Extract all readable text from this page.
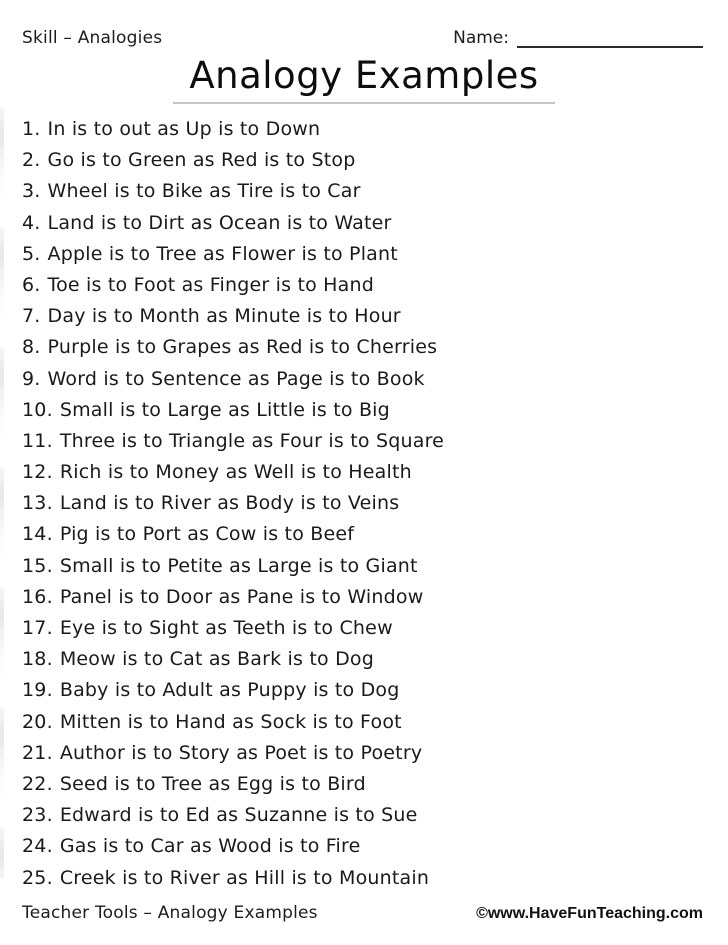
Skill – Analogies	Name:
Analogy Examples
1. In is to out as Up is to Down
2. Go is to Green as Red is to Stop
3. Wheel is to Bike as Tire is to Car
4. Land is to Dirt as Ocean is to Water
5. Apple is to Tree as Flower is to Plant
6. Toe is to Foot as Finger is to Hand
7. Day is to Month as Minute is to Hour
8. Purple is to Grapes as Red is to Cherries
9. Word is to Sentence as Page is to Book
10. Small is to Large as Little is to Big
11. Three is to Triangle as Four is to Square
12. Rich is to Money as Well is to Health
13. Land is to River as Body is to Veins
14. Pig is to Port as Cow is to Beef
15. Small is to Petite as Large is to Giant
16. Panel is to Door as Pane is to Window
17. Eye is to Sight as Teeth is to Chew
18. Meow is to Cat as Bark is to Dog
19. Baby is to Adult as Puppy is to Dog
20. Mitten is to Hand as Sock is to Foot
21. Author is to Story as Poet is to Poetry
22. Seed is to Tree as Egg is to Bird
23. Edward is to Ed as Suzanne is to Sue
24. Gas is to Car as Wood is to Fire
25. Creek is to River as Hill is to Mountain
Teacher Tools – Analogy Examples	©www.HaveFunTeaching.com
